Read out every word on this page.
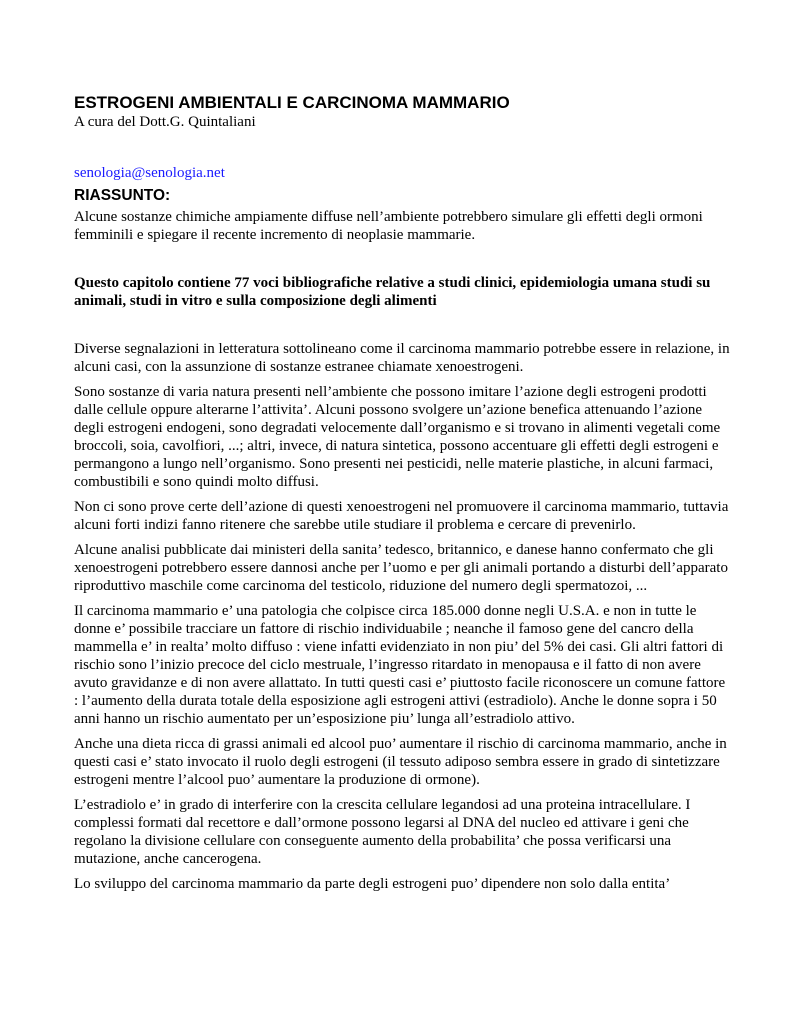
ESTROGENI AMBIENTALI E CARCINOMA MAMMARIO

A cura del Dott.G. Quintaliani

senologia@senologia.net
RIASSUNTO:

Alcune sostanze chimiche ampiamente diffuse nell’ambiente potrebbero simulare gli effetti degli ormoni femminili e spiegare il recente incremento di neoplasie mammarie.

Questo capitolo contiene 77 voci bibliografiche relative a studi clinici, epidemiologia umana studi su animali, studi in vitro e sulla composizione degli alimenti

Diverse segnalazioni in letteratura sottolineano come il carcinoma mammario potrebbe essere in relazione, in alcuni casi, con la assunzione di sostanze estranee chiamate xenoestrogeni.

Sono sostanze di varia natura presenti nell’ambiente che possono imitare l’azione degli estrogeni prodotti dalle cellule oppure alterarne l’attivita’. Alcuni possono svolgere un’azione benefica attenuando l’azione degli estrogeni endogeni, sono degradati velocemente dall’organismo e si trovano in alimenti vegetali come broccoli, soia, cavolfiori, ...; altri, invece, di natura sintetica, possono accentuare gli effetti degli estrogeni e permangono a lungo nell’organismo. Sono presenti nei pesticidi, nelle materie plastiche, in alcuni farmaci, combustibili e sono quindi molto diffusi.

Non ci sono prove certe dell’azione di questi xenoestrogeni nel promuovere il carcinoma mammario, tuttavia alcuni forti indizi fanno ritenere che sarebbe utile studiare il problema e cercare di prevenirlo.

Alcune analisi pubblicate dai ministeri della sanita’ tedesco, britannico, e danese hanno confermato che gli xenoestrogeni potrebbero essere dannosi anche per l’uomo e per gli animali portando a disturbi dell’apparato riproduttivo maschile come carcinoma del testicolo, riduzione del numero degli spermatozoi, ...

Il carcinoma mammario e’ una patologia che colpisce circa 185.000 donne negli U.S.A. e non in tutte le donne e’ possibile tracciare un fattore di rischio individuabile ; neanche il famoso gene del cancro della mammella e’ in realta’ molto diffuso : viene infatti evidenziato in non piu’ del 5% dei casi. Gli altri fattori di rischio sono l’inizio precoce del ciclo mestruale, l’ingresso ritardato in menopausa e il fatto di non avere avuto gravidanze e di non avere allattato. In tutti questi casi e’ piuttosto facile riconoscere un comune fattore : l’aumento della durata totale della esposizione agli estrogeni attivi (estradiolo). Anche le donne sopra i 50 anni hanno un rischio aumentato per un’esposizione piu’ lunga all’estradiolo attivo.

Anche una dieta ricca di grassi animali ed alcool puo’ aumentare il rischio di carcinoma mammario, anche in questi casi e’ stato invocato il ruolo degli estrogeni (il tessuto adiposo sembra essere in grado di sintetizzare estrogeni mentre l’alcool puo’ aumentare la produzione di ormone).

L’estradiolo e’ in grado di interferire con la crescita cellulare legandosi ad una proteina intracellulare. I complessi formati dal recettore e dall’ormone possono legarsi al DNA del nucleo ed attivare i geni che regolano la divisione cellulare con conseguente aumento della probabilita’ che possa verificarsi una mutazione, anche cancerogena.

Lo sviluppo del carcinoma mammario da parte degli estrogeni puo’ dipendere non solo dalla entita’
